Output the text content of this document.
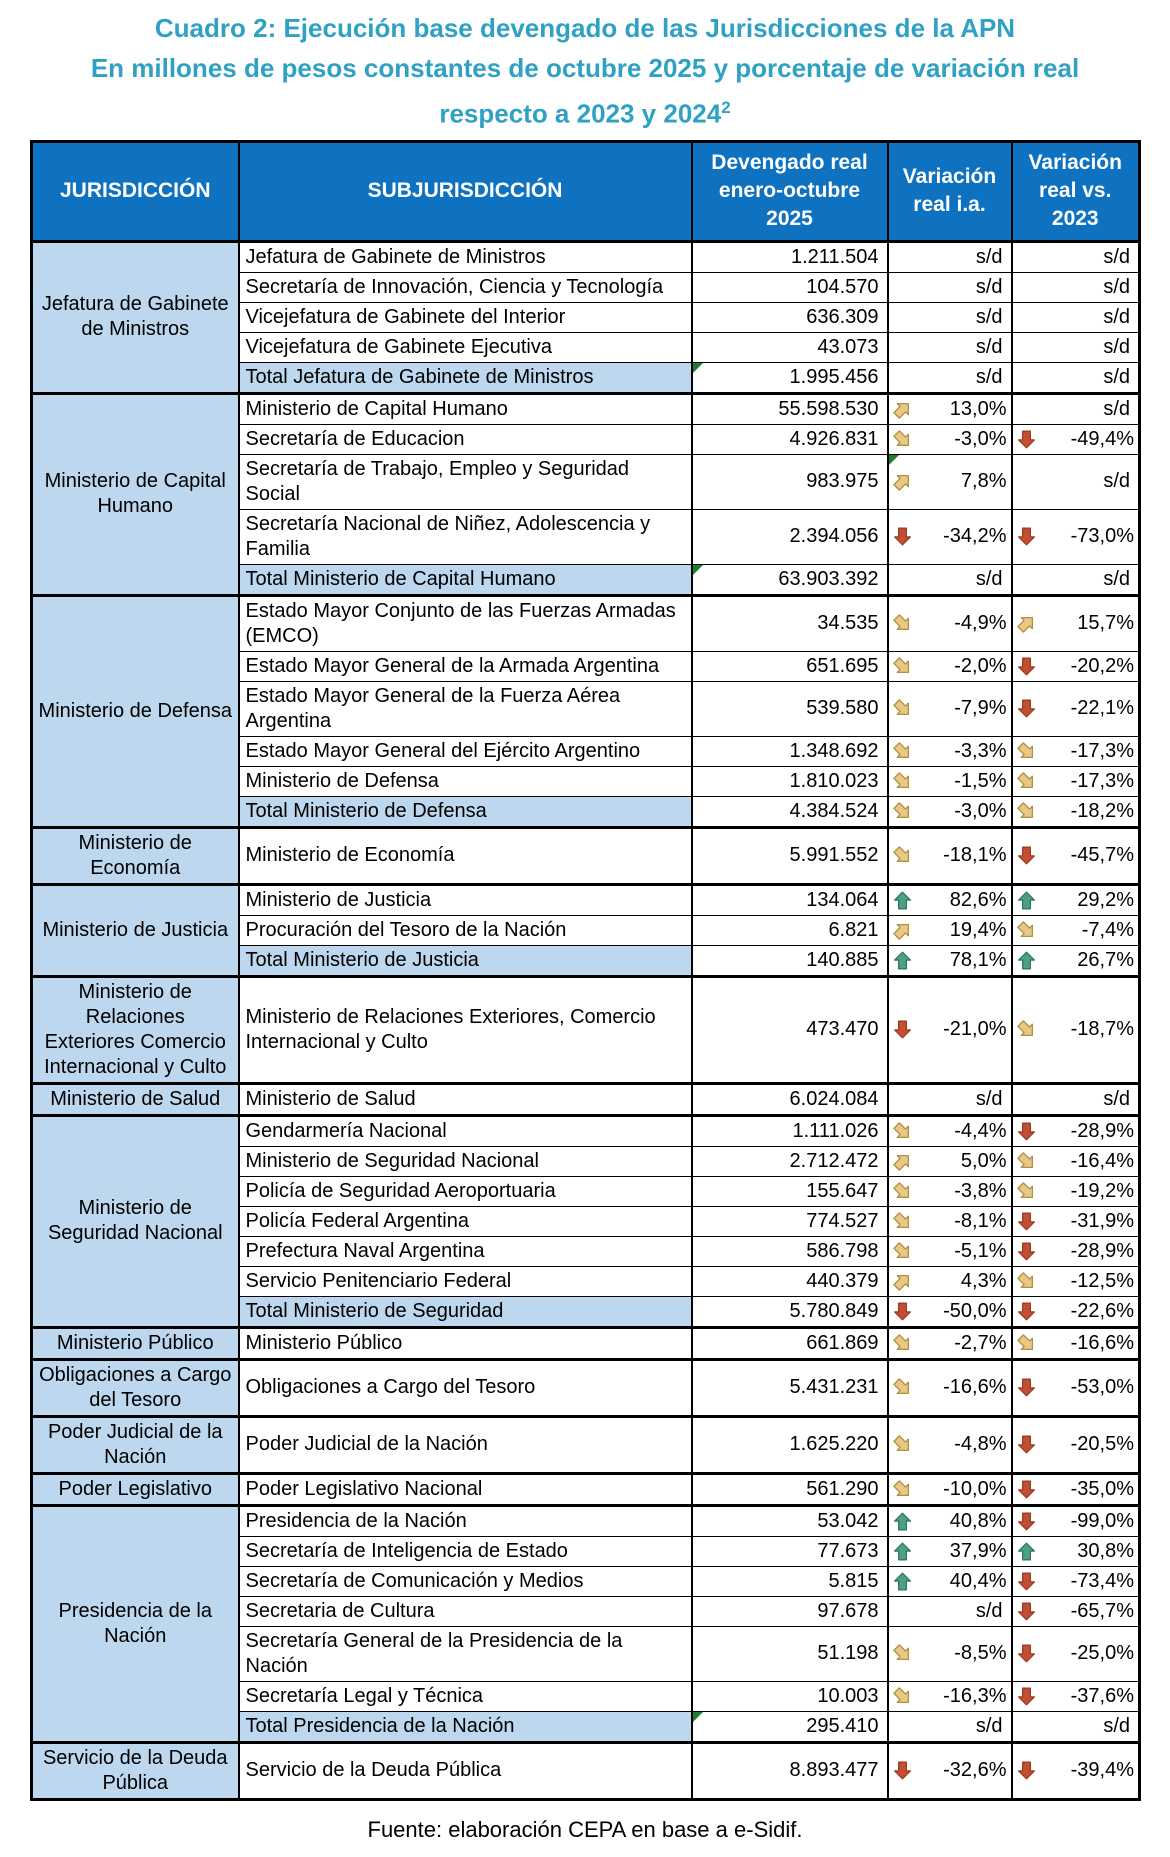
Cuadro 2: Ejecución base devengado de las Jurisdicciones de la APN
En millones de pesos constantes de octubre 2025 y porcentaje de variación real
respecto a 2023 y 2024$^2$
JURISDICCIÓN	SUBJURISDICCIÓN	Devengado real enero-octubre 2025	Variación real i.a.	Variación real vs. 2023
Jefatura de Gabinete de Ministros	Jefatura de Gabinete de Ministros	1.211.504	s/d	s/d
	Secretaría de Innovación, Ciencia y Tecnología	104.570	s/d	s/d
	Vicejefatura de Gabinete del Interior	636.309	s/d	s/d
	Vicejefatura de Gabinete Ejecutiva	43.073	s/d	s/d
	Total Jefatura de Gabinete de Ministros	1.995.456	s/d	s/d
Ministerio de Capital Humano	Ministerio de Capital Humano	55.598.530	13,0%	s/d
	Secretaría de Educacion	4.926.831	-3,0%	-49,4%

	Secretaría de Trabajo, Empleo y Seguridad Social	983.975	7,8%	s/d
	Secretaría Nacional de Niñez, Adolescencia y Familia	2.394.056	-34,2%	-73,0%

	Total Ministerio de Capital Humano	63.903.392	s/d	s/d
Ministerio de Defensa	Estado Mayor Conjunto de las Fuerzas Armadas (EMCO)	34.535	-4,9%	15,7%

	Estado Mayor General de la Armada Argentina	651.695	-2,0%	-20,2%

	Estado Mayor General de la Fuerza Aérea Argentina	539.580	-7,9%	-22,1%

	Estado Mayor General del Ejército Argentino	1.348.692	-3,3%	-17,3%

	Ministerio de Defensa	1.810.023	-1,5%	-17,3%

	Total Ministerio de Defensa	4.384.524	-3,0%	-18,2%

Ministerio de Economía	Ministerio de Economía	5.991.552	-18,1%	-45,7%

Ministerio de Justicia	Ministerio de Justicia	134.064	82,6%	29,2%

	Procuración del Tesoro de la Nación	6.821	19,4%	-7,4%

	Total Ministerio de Justicia	140.885	78,1%	26,7%

Ministerio de Relaciones Exteriores Comercio Internacional y Culto	Ministerio de Relaciones Exteriores, Comercio Internacional y Culto	473.470	-21,0%	-18,7%

Ministerio de Salud	Ministerio de Salud	6.024.084	s/d	s/d
Ministerio de Seguridad Nacional	Gendarmería Nacional	1.111.026	-4,4%	-28,9%

	Ministerio de Seguridad Nacional	2.712.472	5,0%	-16,4%

	Policía de Seguridad Aeroportuaria	155.647	-3,8%	-19,2%

	Policía Federal Argentina	774.527	-8,1%	-31,9%

	Prefectura Naval Argentina	586.798	-5,1%	-28,9%

	Servicio Penitenciario Federal	440.379	4,3%	-12,5%

	Total Ministerio de Seguridad	5.780.849	-50,0%	-22,6%

Ministerio Público	Ministerio Público	661.869	-2,7%	-16,6%

Obligaciones a Cargo del Tesoro	Obligaciones a Cargo del Tesoro	5.431.231	-16,6%	-53,0%

Poder Judicial de la Nación	Poder Judicial de la Nación	1.625.220	-4,8%	-20,5%

Poder Legislativo	Poder Legislativo Nacional	561.290	-10,0%	-35,0%

Presidencia de la Nación	Presidencia de la Nación	53.042	40,8%	-99,0%

	Secretaría de Inteligencia de Estado	77.673	37,9%	30,8%

	Secretaría de Comunicación y Medios	5.815	40,4%	-73,4%

	Secretaria de Cultura	97.678	s/d	-65,7%

	Secretaría General de la Presidencia de la Nación	51.198	-8,5%	-25,0%

	Secretaría Legal y Técnica	10.003	-16,3%	-37,6%

	Total Presidencia de la Nación	295.410	s/d	s/d
Servicio de la Deuda Pública	Servicio de la Deuda Pública	8.893.477	-32,6%	-39,4%
Fuente: elaboración CEPA en base a e-Sidif.
